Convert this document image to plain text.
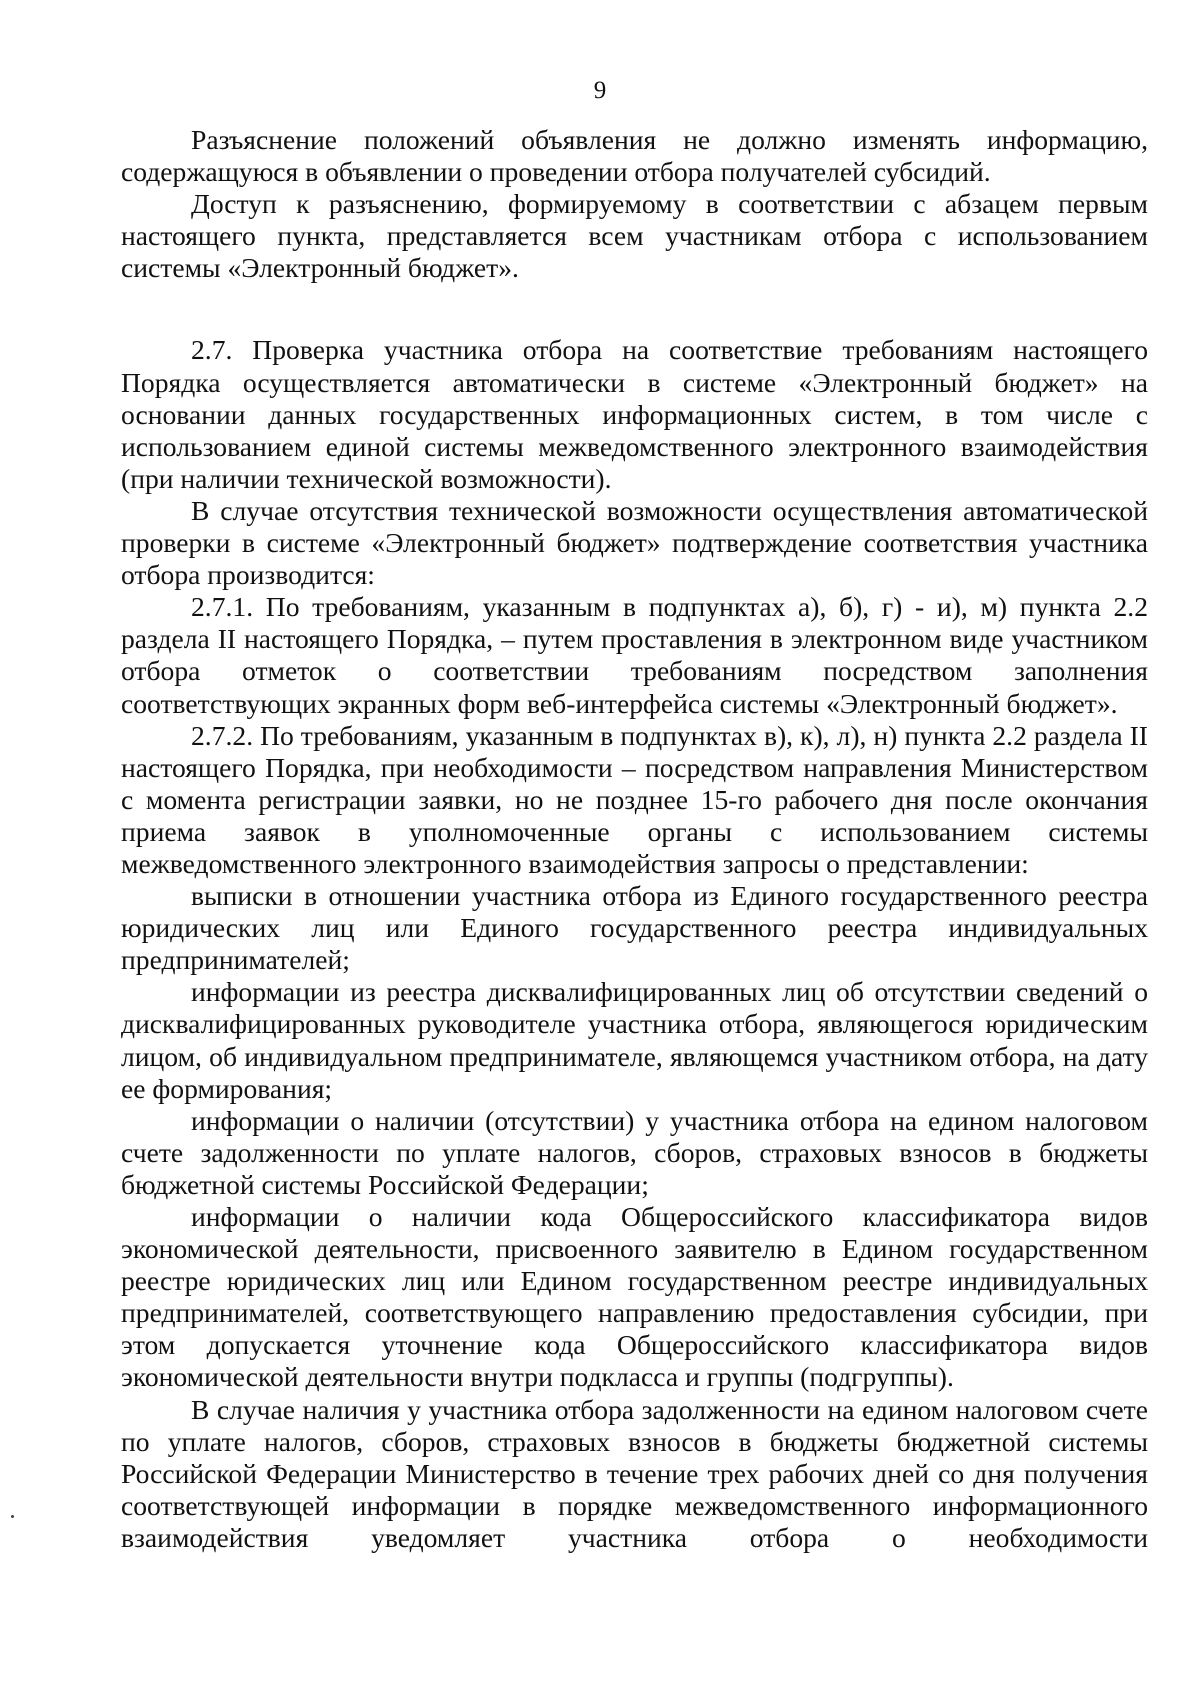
9

Разъяснение положений объявления не должно изменять информацию, содержащуюся в объявлении о проведении отбора получателей субсидий.

Доступ к разъяснению, формируемому в соответствии с абзацем первым настоящего пункта, представляется всем участникам отбора с использованием системы «Электронный бюджет».

2.7. Проверка участника отбора на соответствие требованиям настоящего Порядка осуществляется автоматически в системе «Электронный бюджет» на основании данных государственных информационных систем, в том числе с использованием единой системы межведомственного электронного взаимодействия (при наличии технической возможности).

В случае отсутствия технической возможности осуществления автоматической проверки в системе «Электронный бюджет» подтверждение соответствия участника отбора производится:

2.7.1. По требованиям, указанным в подпунктах а), б), г) - и), м) пункта 2.2 раздела II настоящего Порядка, – путем проставления в электронном виде участником отбора отметок о соответствии требованиям посредством заполнения соответствующих экранных форм веб-интерфейса системы «Электронный бюджет».

2.7.2. По требованиям, указанным в подпунктах в), к), л), н) пункта 2.2 раздела II настоящего Порядка, при необходимости – посредством направления Министерством с момента регистрации заявки, но не позднее 15-го рабочего дня после окончания приема заявок в уполномоченные органы с использованием системы межведомственного электронного взаимодействия запросы о представлении:

выписки в отношении участника отбора из Единого государственного реестра юридических лиц или Единого государственного реестра индивидуальных предпринимателей;

информации из реестра дисквалифицированных лиц об отсутствии сведений о дисквалифицированных руководителе участника отбора, являющегося юридическим лицом, об индивидуальном предпринимателе, являющемся участником отбора, на дату ее формирования;

информации о наличии (отсутствии) у участника отбора на едином налоговом счете задолженности по уплате налогов, сборов, страховых взносов в бюджеты бюджетной системы Российской Федерации;

информации о наличии кода Общероссийского классификатора видов экономической деятельности, присвоенного заявителю в Едином государственном реестре юридических лиц или Едином государственном реестре индивидуальных предпринимателей, соответствующего направлению предоставления субсидии, при этом допускается уточнение кода Общероссийского классификатора видов экономической деятельности внутри подкласса и группы (подгруппы).

В случае наличия у участника отбора задолженности на едином налоговом счете по уплате налогов, сборов, страховых взносов в бюджеты бюджетной системы Российской Федерации Министерство в течение трех рабочих дней со дня получения соответствующей информации в порядке межведомственного информационного взаимодействия уведомляет участника отбора о необходимости
